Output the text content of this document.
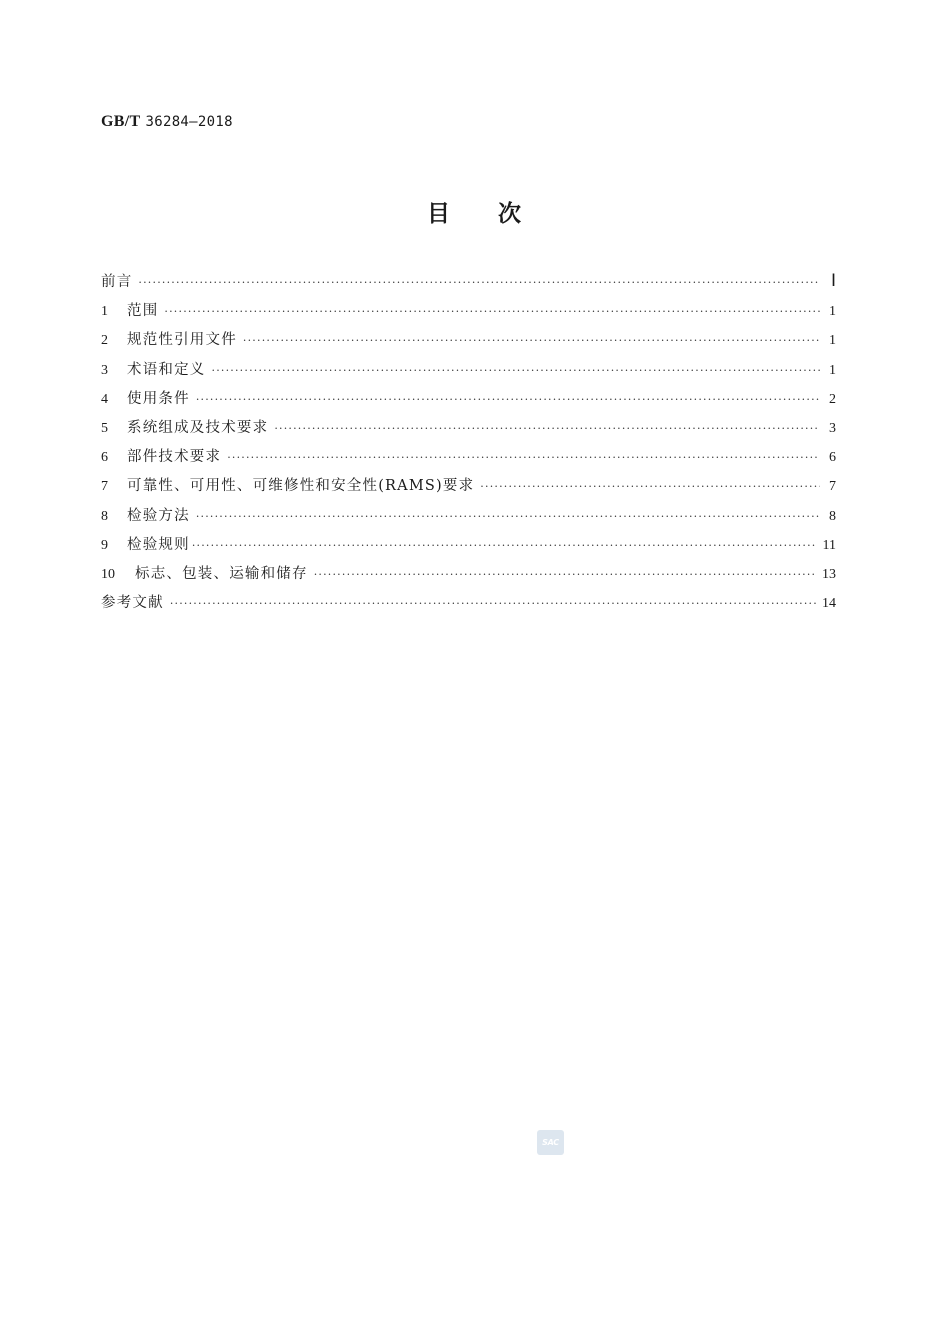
GB/T 36284—2018
目 次
前言 ·····	Ⅰ
1	范围 ·····	1
2	规范性引用文件 ·····	1
3	术语和定义 ·····	1
4	使用条件 ·····	2
5	系统组成及技术要求 ·····	3
6	部件技术要求 ·····	6
7	可靠性、可用性、可维修性和安全性(RAMS)要求 ·····	7
8	检验方法 ·····	8
9	检验规则 ·····	11
10	标志、包装、运输和储存 ·····	13
参考文献 ·····	14
SAC
